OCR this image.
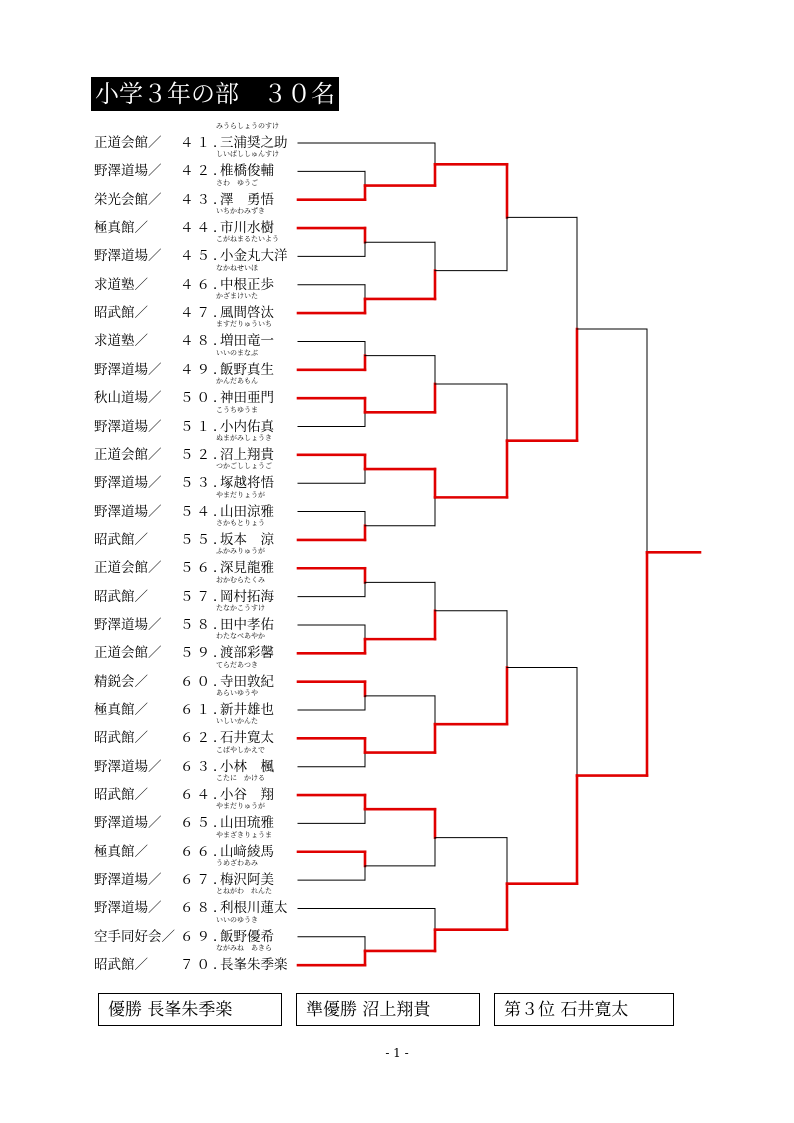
小学３年の部　３０名
正道会館／ ４１．
みうらしょうのすけ
三浦奨之助
野澤道場／ ４２．
しいばししゅんすけ
椎橋俊輔
栄光会館／ ４３．
さわ　ゆうご
澤　勇悟
極真館／ ４４．
いちかわみずき
市川水樹
野澤道場／ ４５．
こがねまるたいよう
小金丸大洋
求道塾／ ４６．
なかねせいほ
中根正歩
昭武館／ ４７．
かざまけいた
風間啓汰
求道塾／ ４８．
ますだりゅういち
増田竜一
野澤道場／ ４９．
いいのまなぶ
飯野真生
秋山道場／ ５０．
かんだあもん
神田亜門
野澤道場／ ５１．
こうちゆうま
小内佑真
正道会館／ ５２．
ぬまがみしょうき
沼上翔貴
野澤道場／ ５３．
つかごししょうご
塚越将悟
野澤道場／ ５４．
やまだりょうが
山田涼雅
昭武館／ ５５．
さかもとりょう
坂本　涼
正道会館／ ５６．
ふかみりゅうが
深見龍雅
昭武館／ ５７．
おかむらたくみ
岡村拓海
野澤道場／ ５８．
たなかこうすけ
田中孝佑
正道会館／ ５９．
わたなべあやか
渡部彩馨
精鋭会／ ６０．
てらだあつき
寺田敦紀
極真館／ ６１．
あらいゆうや
新井雄也
昭武館／ ６２．
いしいかんた
石井寛太
野澤道場／ ６３．
こばやしかえで
小林　楓
昭武館／ ６４．
こたに　かける
小谷　翔
野澤道場／ ６５．
やまだりゅうが
山田琉雅
極真館／ ６６．
やまざきりょうま
山﨑綾馬
野澤道場／ ６７．
うめざわあみ
梅沢阿美
野澤道場／ ６８．
とねがわ　れんた
利根川蓮太
空手同好会／ ６９．
いいのゆうき
飯野優希
昭武館／ ７０．
ながみね　あきら
長峯朱季楽
優勝 長峯朱季楽	準優勝 沼上翔貴	第３位 石井寛太
- 1 -
